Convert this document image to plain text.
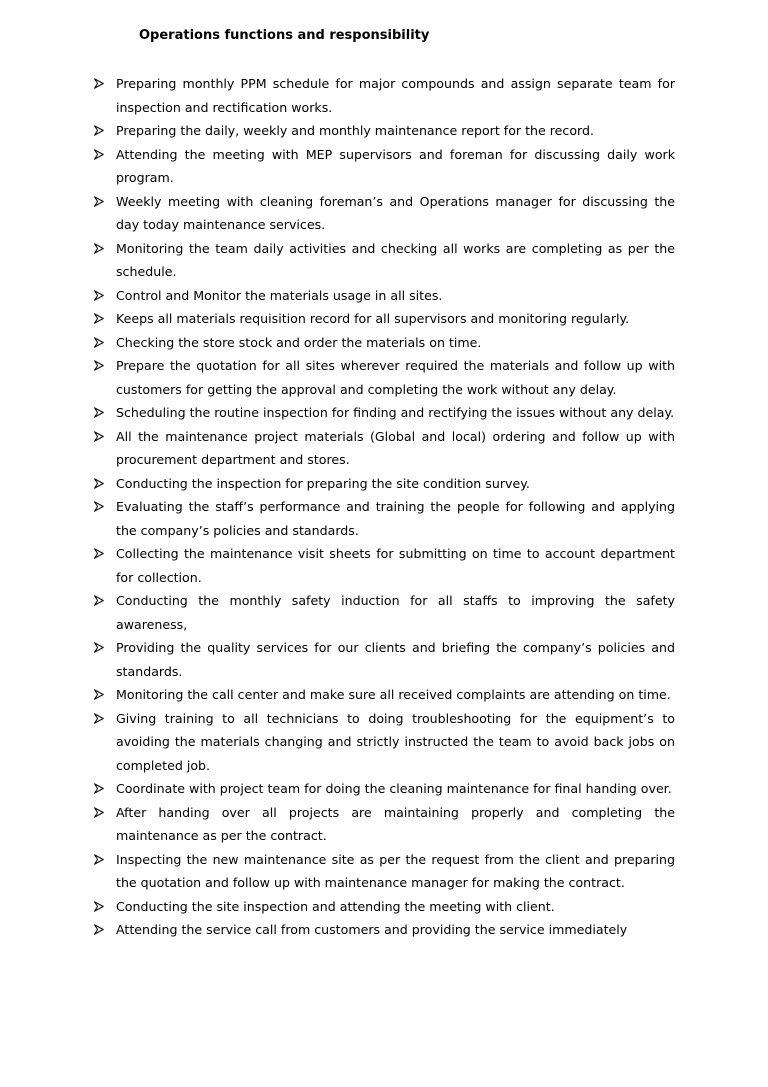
Operations functions and responsibility
Preparing monthly PPM schedule for major compounds and assign separate team for inspection and rectification works.
Preparing the daily, weekly and monthly maintenance report for the record.
Attending the meeting with MEP supervisors and foreman for discussing daily work program.
Weekly meeting with cleaning foreman’s and Operations manager for discussing the day today maintenance services.
Monitoring the team daily activities and checking all works are completing as per the schedule.
Control and Monitor the materials usage in all sites.
Keeps all materials requisition record for all supervisors and monitoring regularly.
Checking the store stock and order the materials on time.
Prepare the quotation for all sites wherever required the materials and follow up with customers for getting the approval and completing the work without any delay.
Scheduling the routine inspection for finding and rectifying the issues without any delay.
All the maintenance project materials (Global and local) ordering and follow up with procurement department and stores.
Conducting the inspection for preparing the site condition survey.
Evaluating the staff’s performance and training the people for following and applying the company’s policies and standards.
Collecting the maintenance visit sheets for submitting on time to account department for collection.
Conducting the monthly safety induction for all staffs to improving the safety awareness,
Providing the quality services for our clients and briefing the company’s policies and standards.
Monitoring the call center and make sure all received complaints are attending on time.
Giving training to all technicians to doing troubleshooting for the equipment’s to avoiding the materials changing and strictly instructed the team to avoid back jobs on completed job.
Coordinate with project team for doing the cleaning maintenance for final handing over.
After handing over all projects are maintaining properly and completing the maintenance as per the contract.
Inspecting the new maintenance site as per the request from the client and preparing the quotation and follow up with maintenance manager for making the contract.
Conducting the site inspection and attending the meeting with client.
Attending the service call from customers and providing the service immediately
